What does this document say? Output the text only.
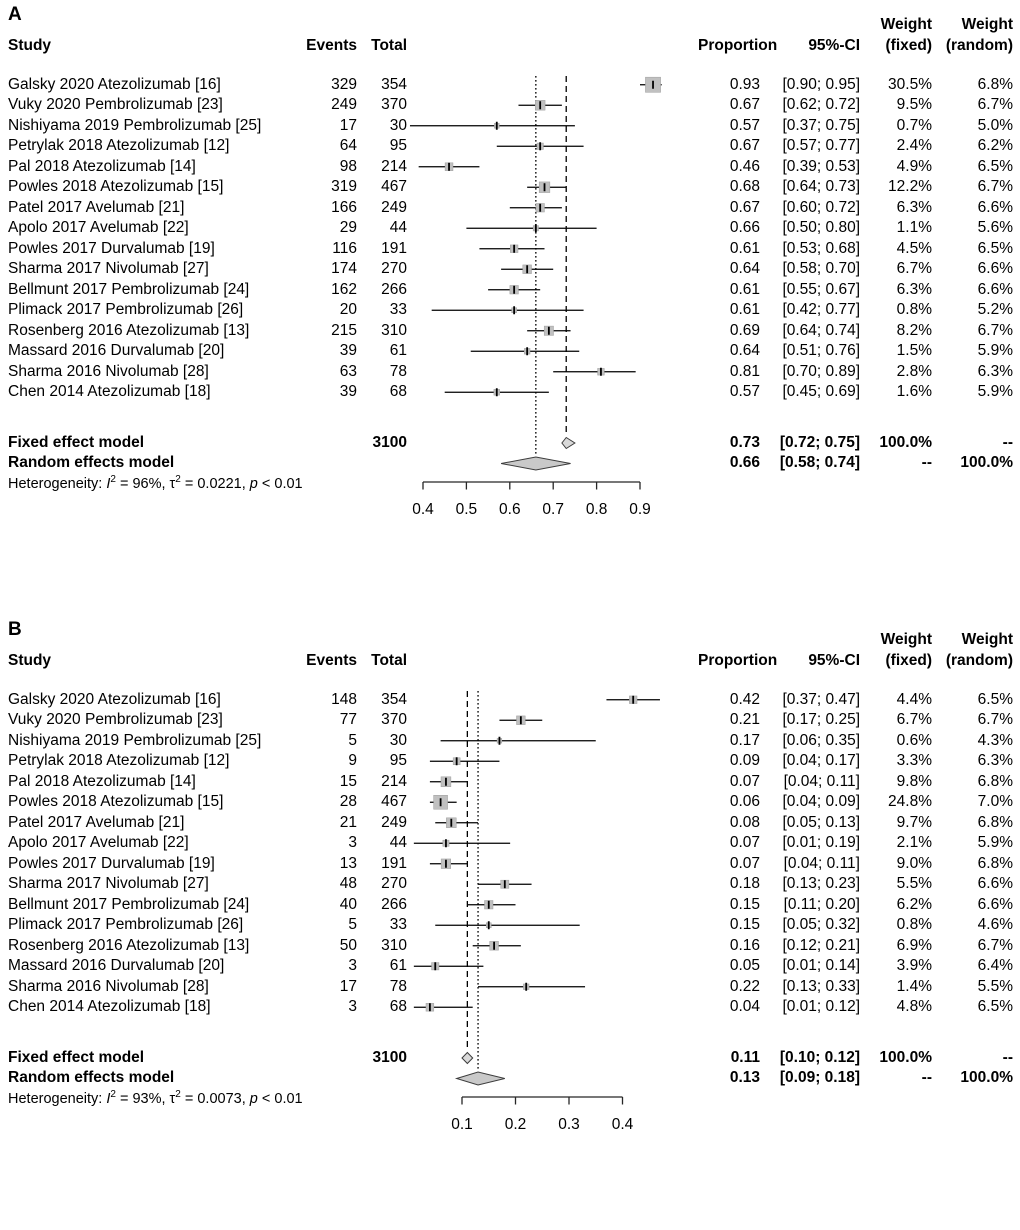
A	Weight	Weight
Study	Events Total	Proportion	95%-CI	(fixed) (random)
Galsky 2020 Atezolizumab [16]	329	354	0.93	[0.90; 0.95]	30.5%	6.8%
Vuky 2020 Pembrolizumab [23]	249	370	0.67	[0.62; 0.72]	9.5%	6.7%
Nishiyama 2019 Pembrolizumab [25]	17	30	0.57	[0.37; 0.75]	0.7%	5.0%
Petrylak 2018 Atezolizumab [12]	64	95	0.67	[0.57; 0.77]	2.4%	6.2%
Pal 2018 Atezolizumab [14]	98	214	0.46	[0.39; 0.53]	4.9%	6.5%
Powles 2018 Atezolizumab [15]	319	467	0.68	[0.64; 0.73]	12.2%	6.7%
Patel 2017 Avelumab [21]	166	249	0.67	[0.60; 0.72]	6.3%	6.6%
Apolo 2017 Avelumab [22]	29	44	0.66	[0.50; 0.80]	1.1%	5.6%
Powles 2017 Durvalumab [19]	116	191	0.61	[0.53; 0.68]	4.5%	6.5%
Sharma 2017 Nivolumab [27]	174	270	0.64	[0.58; 0.70]	6.7%	6.6%
Bellmunt 2017 Pembrolizumab [24]	162	266	0.61	[0.55; 0.67]	6.3%	6.6%
Plimack 2017 Pembrolizumab [26]	20	33	0.61	[0.42; 0.77]	0.8%	5.2%
Rosenberg 2016 Atezolizumab [13]	215	310	0.69	[0.64; 0.74]	8.2%	6.7%
Massard 2016 Durvalumab [20]	39	61	0.64	[0.51; 0.76]	1.5%	5.9%
Sharma 2016 Nivolumab [28]	63	78	0.81	[0.70; 0.89]	2.8%	6.3%
Chen 2014 Atezolizumab [18]	39	68	0.57	[0.45; 0.69]	1.6%	5.9%
Fixed effect model	3100	0.73	[0.72; 0.75]	100.0%	--
Random effects model	0.66	[0.58; 0.74]	--	100.0%
Heterogeneity: $I^2 = 96\%$, $\tau^2 = 0.0221$, p < 0.01
0.4 0.5 0.6 0.7 0.8 0.9
B	Weight	Weight
Study	Events Total	Proportion	95%-CI	(fixed) (random)
Galsky 2020 Atezolizumab [16]	148	354	0.42	[0.37; 0.47]	4.4%	6.5%
Vuky 2020 Pembrolizumab [23]	77	370	0.21	[0.17; 0.25]	6.7%	6.7%
Nishiyama 2019 Pembrolizumab [25]	5	30	0.17	[0.06; 0.35]	0.6%	4.3%
Petrylak 2018 Atezolizumab [12]	9	95	0.09	[0.04; 0.17]	3.3%	6.3%
Pal 2018 Atezolizumab [14]	15	214	0.07	[0.04; 0.11]	9.8%	6.8%
Powles 2018 Atezolizumab [15]	28	467	0.06	[0.04; 0.09]	24.8%	7.0%
Patel 2017 Avelumab [21]	21	249	0.08	[0.05; 0.13]	9.7%	6.8%
Apolo 2017 Avelumab [22]	3	44	0.07	[0.01; 0.19]	2.1%	5.9%
Powles 2017 Durvalumab [19]	13	191	0.07	[0.04; 0.11]	9.0%	6.8%
Sharma 2017 Nivolumab [27]	48	270	0.18	[0.13; 0.23]	5.5%	6.6%
Bellmunt 2017 Pembrolizumab [24]	40	266	0.15	[0.11; 0.20]	6.2%	6.6%
Plimack 2017 Pembrolizumab [26]	5	33	0.15	[0.05; 0.32]	0.8%	4.6%
Rosenberg 2016 Atezolizumab [13]	50	310	0.16	[0.12; 0.21]	6.9%	6.7%
Massard 2016 Durvalumab [20]	3	61	0.05	[0.01; 0.14]	3.9%	6.4%
Sharma 2016 Nivolumab [28]	17	78	0.22	[0.13; 0.33]	1.4%	5.5%
Chen 2014 Atezolizumab [18]	3	68	0.04	[0.01; 0.12]	4.8%	6.5%
Fixed effect model	3100	0.11	[0.10; 0.12]	100.0%	--
Random effects model	0.13	[0.09; 0.18]	--	100.0%
Heterogeneity: $I^2 = 93\%$, $\tau^2 = 0.0073$, p < 0.01
0.1 0.2 0.3 0.4
